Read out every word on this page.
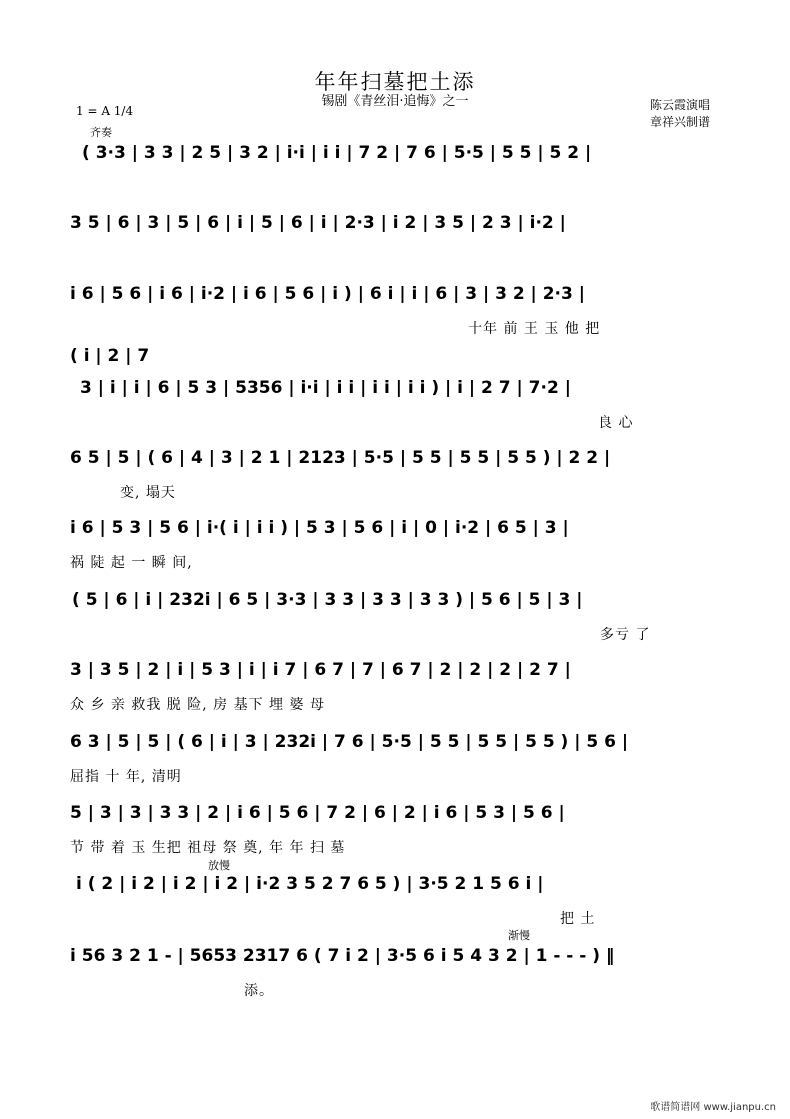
年年扫墓把土添
锡剧《青丝泪·追悔》之一
1 = A 1/4	陈云霞演唱
章祥兴制谱
齐奏
放慢
渐慢
( 3·3 | 3 3 | 2 5 | 3 2 | i·i | i i | 7 2 | 7 6 | 5·5 | 5 5 | 5 2 |
3 5 | 6 | 3 | 5 | 6 | i | 5 | 6 | i | 2·3 | i 2 | 3 5 | 2 3 | i·2 |
i 6 | 5 6 | i 6 | i·2 | i 6 | 5 6 | i ) | 6 i | i | 6 | 3 | 3 2 | 2·3 |
十年 前 王 玉 他 把
( i | 2 | 7
3 | i | i | 6 | 5 3 | 5356 | i·i | i i | i i | i i ) | i | 2 7 | 7·2 |
良 心
6 5 | 5 | ( 6 | 4 | 3 | 2 1 | 2123 | 5·5 | 5 5 | 5 5 | 5 5 ) | 2 2 |
变, 塌天
i 6 | 5 3 | 5 6 | i·( i | i i ) | 5 3 | 5 6 | i | 0 | i·2 | 6 5 | 3 |
祸 陡 起 一 瞬 间,
( 5 | 6 | i | 232i | 6 5 | 3·3 | 3 3 | 3 3 | 3 3 ) | 5 6 | 5 | 3 |
多亏 了
3 | 3 5 | 2 | i | 5 3 | i | i 7 | 6 7 | 7 | 6 7 | 2 | 2 | 2 | 2 7 |
众 乡 亲 救我 脱 险, 房 基下 埋 婆 母
6 3 | 5 | 5 | ( 6 | i | 3 | 232i | 7 6 | 5·5 | 5 5 | 5 5 | 5 5 ) | 5 6 |
屈指 十 年, 清明
5 | 3 | 3 | 3 3 | 2 | i 6 | 5 6 | 7 2 | 6 | 2 | i 6 | 5 3 | 5 6 |
节 带 着 玉 生把 祖母 祭 奠, 年 年 扫 墓
i ( 2 | i 2 | i 2 | i 2 | i·2 3 5 2 7 6 5 ) | 3·5 2 1 5 6 i |
把 土
i 56 3 2 1 - | 5653 2317 6 ( 7 i 2 | 3·5 6 i 5 4 3 2 | 1 - - - ) ‖
添。
歌谱简谱网 www.jianpu.cn
